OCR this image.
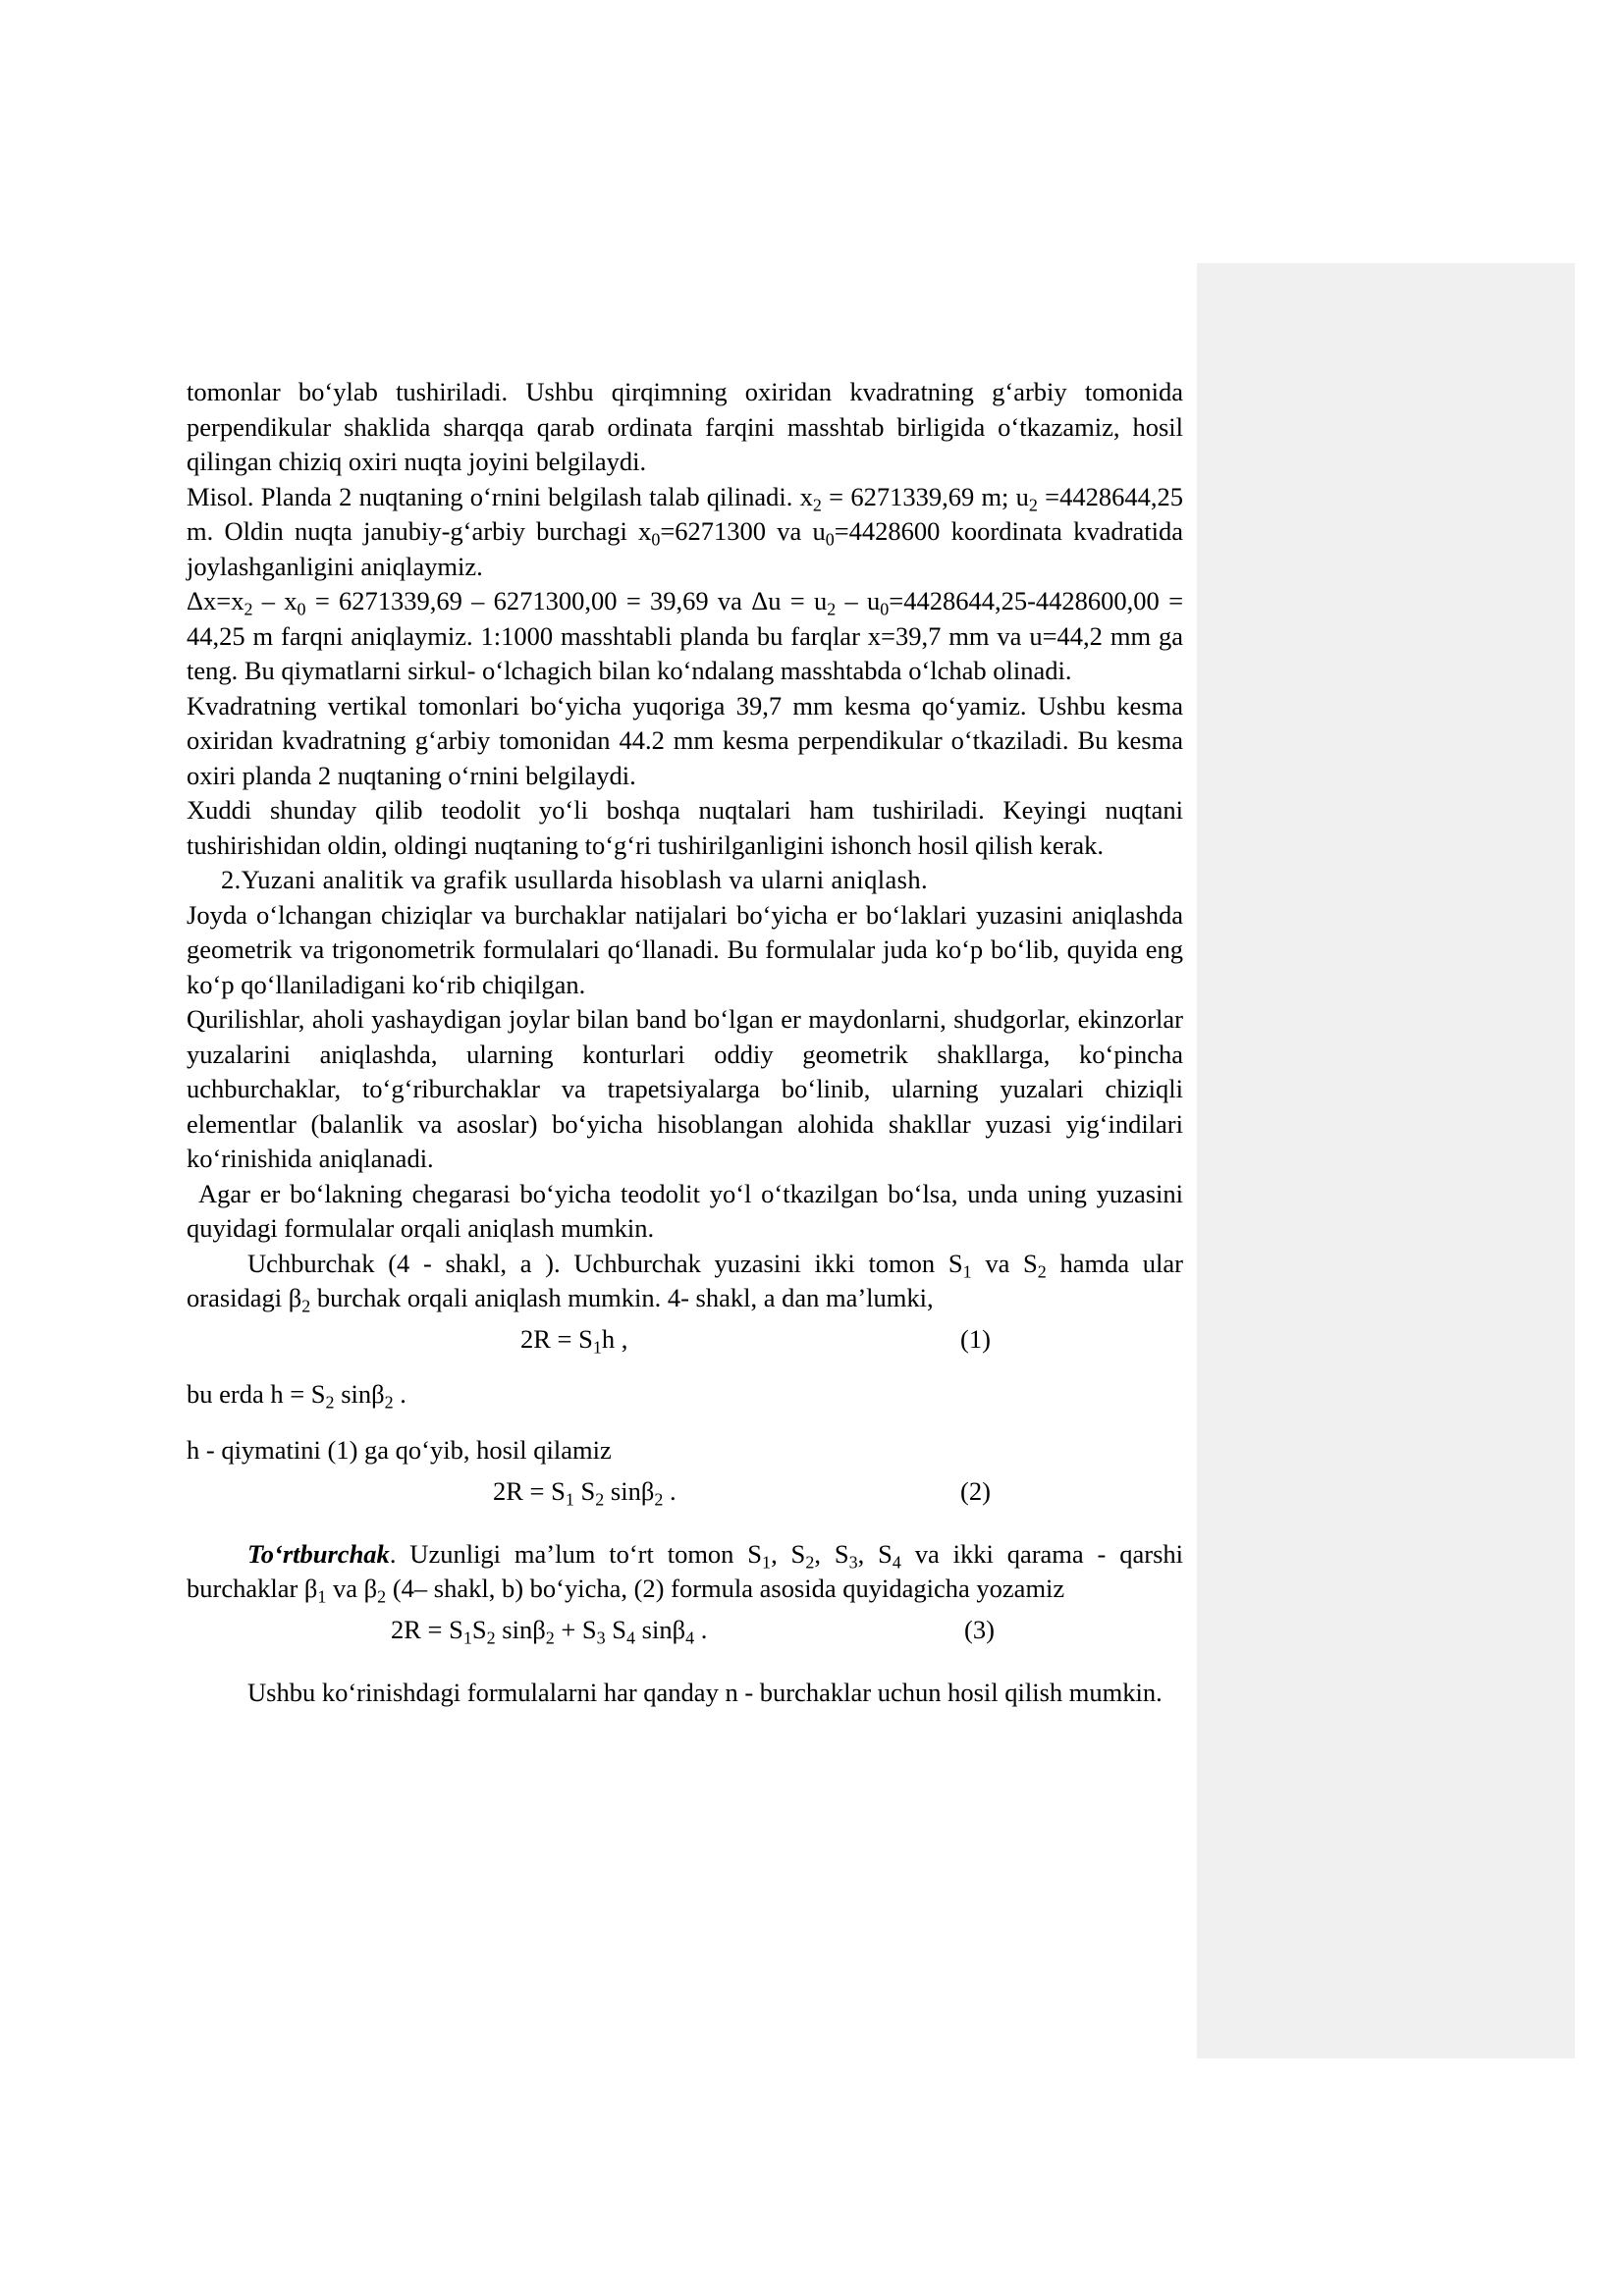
tomonlar bo‘ylab tushiriladi. Ushbu qirqimning oxiridan kvadratning g‘arbiy tomonida perpendikular shaklida sharqqa qarab ordinata farqini masshtab birligida o‘tkazamiz, hosil qilingan chiziq oxiri nuqta joyini belgilaydi.

Misol. Planda 2 nuqtaning o‘rnini belgilash talab qilinadi. $x_2 = 6271339,69$ m; $u_2 =4428644,25$ m. Oldin nuqta janubiy-g‘arbiy burchagi $x_0=6271300$ va $u_0=4428600$ koordinata kvadratida joylashganligini aniqlaymiz.

$\Delta x=x_2 - x_0 = 6271339,69 - 6271300,00 = 39,69$ va $\Delta u = u_2 - u_0=4428644,25-4428600,00 = 44,25$ m farqni aniqlaymiz. 1:1000 masshtabli planda bu farqlar x=39,7 mm va u=44,2 mm ga teng. Bu qiymatlarni sirkul- o‘lchagich bilan ko‘ndalang masshtabda o‘lchab olinadi.

Kvadratning vertikal tomonlari bo‘yicha yuqoriga 39,7 mm kesma qo‘yamiz. Ushbu kesma oxiridan kvadratning g‘arbiy tomonidan 44.2 mm kesma perpendikular o‘tkaziladi. Bu kesma oxiri planda 2 nuqtaning o‘rnini belgilaydi.

Xuddi shunday qilib teodolit yo‘li boshqa nuqtalari ham tushiriladi. Keyingi nuqtani tushirishidan oldin, oldingi nuqtaning to‘g‘ri tushirilganligini ishonch hosil qilish kerak.

2.Yuzani analitik va grafik usullarda hisoblash va ularni aniqlash.

Joyda o‘lchangan chiziqlar va burchaklar natijalari bo‘yicha er bo‘laklari yuzasini aniqlashda geometrik va trigonometrik formulalari qo‘llanadi. Bu formulalar juda ko‘p bo‘lib, quyida eng ko‘p qo‘llaniladigani ko‘rib chiqilgan.

Qurilishlar, aholi yashaydigan joylar bilan band bo‘lgan er maydonlarni, shudgorlar, ekinzorlar yuzalarini aniqlashda, ularning konturlari oddiy geometrik shakllarga, ko‘pincha uchburchaklar, to‘g‘riburchaklar va trapetsiyalarga bo‘linib, ularning yuzalari chiziqli elementlar (balanlik va asoslar) bo‘yicha hisoblangan alohida shakllar yuzasi yig‘indilari ko‘rinishida aniqlanadi.

Agar er bo‘lakning chegarasi bo‘yicha teodolit yo‘l o‘tkazilgan bo‘lsa, unda uning yuzasini quyidagi formulalar orqali aniqlash mumkin.

Uchburchak (4 - shakl, a ). Uchburchak yuzasini ikki tomon $S_1$ va $S_2$ hamda ular orasidagi $\beta_2$ burchak orqali aniqlash mumkin. 4- shakl, a dan ma’lumki,

$2R = S_1h$ ,	(1)

bu erda $h = S_2$ sinβ$_2$ .

h - qiymatini (1) ga qo‘yib, hosil qilamiz

$2R = S_1$ $S_2$ sinβ$_2$ .	(2)

To‘rtburchak. Uzunligi ma’lum to‘rt tomon $S_1$, $S_2$, $S_3$, $S_4$ va ikki qarama - qarshi burchaklar $\beta_1$ va $\beta_2$ (4– shakl, b) bo‘yicha, (2) formula asosida quyidagicha yozamiz

$2R = S_1S_2$ $\sin\beta_2 + S_3$ $S_4$ sinβ$_4$ .	(3)

Ushbu ko‘rinishdagi formulalarni har qanday n - burchaklar uchun hosil qilish mumkin.
